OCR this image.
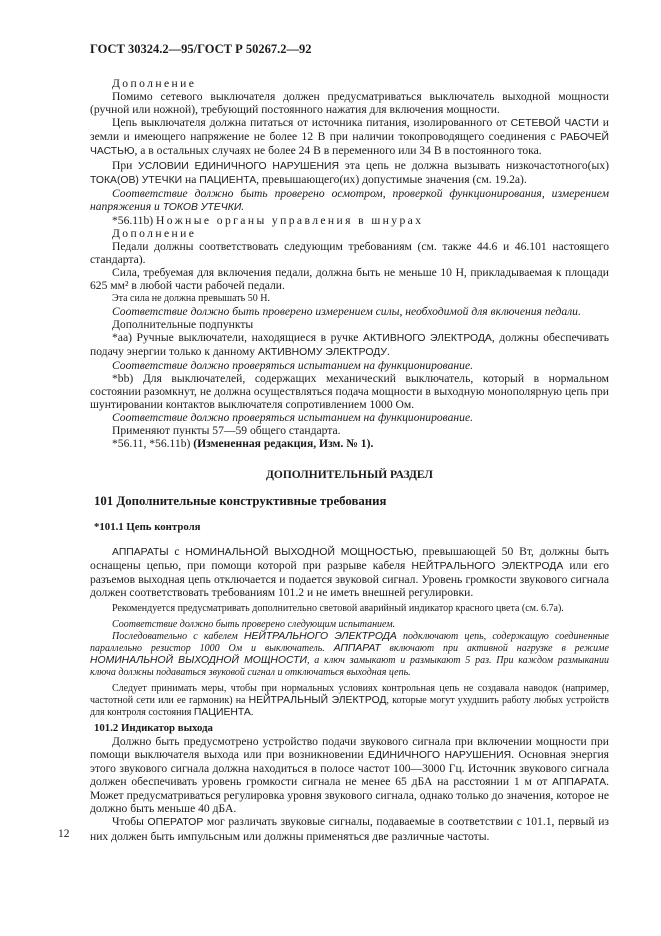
ГОСТ 30324.2—95/ГОСТ Р 50267.2—92

Дополнение

Помимо сетевого выключателя должен предусматриваться выключатель выходной мощности (ручной или ножной), требующий постоянного нажатия для включения мощности.

Цепь выключателя должна питаться от источника питания, изолированного от СЕТЕВОЙ ЧАСТИ и земли и имеющего напряжение не более 12 В при наличии токопроводящего соединения с РАБОЧЕЙ ЧАСТЬЮ, а в остальных случаях не более 24 В в переменного или 34 В в постоянного тока.

При УСЛОВИИ ЕДИНИЧНОГО НАРУШЕНИЯ эта цепь не должна вызывать низкочастотного(ых) ТОКА(ОВ) УТЕЧКИ на ПАЦИЕНТА, превышающего(их) допустимые значения (см. 19.2а).

Соответствие должно быть проверено осмотром, проверкой функционирования, измерением напряжения и ТОКОВ УТЕЧКИ.

*56.11b) Ножные органы управления в шнурах

Дополнение

Педали должны соответствовать следующим требованиям (см. также 44.6 и 46.101 настоящего стандарта).

Сила, требуемая для включения педали, должна быть не меньше 10 Н, прикладываемая к площади 625 мм² в любой части рабочей педали.

Эта сила не должна превышать 50 Н.

Соответствие должно быть проверено измерением силы, необходимой для включения педали.

Дополнительные подпункты

*аа) Ручные выключатели, находящиеся в ручке АКТИВНОГО ЭЛЕКТРОДА, должны обеспечивать подачу энергии только к данному АКТИВНОМУ ЭЛЕКТРОДУ.

Соответствие должно проверяться испытанием на функционирование.

*bb) Для выключателей, содержащих механический выключатель, который в нормальном состоянии разомкнут, не должна осуществляться подача мощности в выходную монополярную цепь при шунтировании контактов выключателя сопротивлением 1000 Ом.

Соответствие должно проверяться испытанием на функционирование.

Применяют пункты 57—59 общего стандарта.

*56.11, *56.11b) (Измененная редакция, Изм. № 1).

ДОПОЛНИТЕЛЬНЫЙ РАЗДЕЛ
101 Дополнительные конструктивные требования
*101.1 Цепь контроля

АППАРАТЫ с НОМИНАЛЬНОЙ ВЫХОДНОЙ МОЩНОСТЬЮ, превышающей 50 Вт, должны быть оснащены цепью, при помощи которой при разрыве кабеля НЕЙТРАЛЬНОГО ЭЛЕКТРОДА или его разъемов выходная цепь отключается и подается звуковой сигнал. Уровень громкости звукового сигнала должен соответствовать требованиям 101.2 и не иметь внешней регулировки.

Рекомендуется предусматривать дополнительно световой аварийный индикатор красного цвета (см. 6.7а).

Соответствие должно быть проверено следующим испытанием.

Последовательно с кабелем НЕЙТРАЛЬНОГО ЭЛЕКТРОДА подключают цепь, содержащую соединенные параллельно резистор 1000 Ом и выключатель. АППАРАТ включают при активной нагрузке в режиме НОМИНАЛЬНОЙ ВЫХОДНОЙ МОЩНОСТИ, а ключ замыкают и размыкают 5 раз. При каждом размыкании ключа должны подаваться звуковой сигнал и отключаться выходная цепь.

Следует принимать меры, чтобы при нормальных условиях контрольная цепь не создавала наводок (например, частотной сети или ее гармоник) на НЕЙТРАЛЬНЫЙ ЭЛЕКТРОД, которые могут ухудшить работу любых устройств для контроля состояния ПАЦИЕНТА.

101.2 Индикатор выхода

Должно быть предусмотрено устройство подачи звукового сигнала при включении мощности при помощи выключателя выхода или при возникновении ЕДИНИЧНОГО НАРУШЕНИЯ. Основная энергия этого звукового сигнала должна находиться в полосе частот 100—3000 Гц. Источник звукового сигнала должен обеспечивать уровень громкости сигнала не менее 65 дБА на расстоянии 1 м от АППАРАТА. Может предусматриваться регулировка уровня звукового сигнала, однако только до значения, которое не должно быть меньше 40 дБА.

Чтобы ОПЕРАТОР мог различать звуковые сигналы, подаваемые в соответствии с 101.1, первый из них должен быть импульсным или должны применяться две различные частоты.

12
